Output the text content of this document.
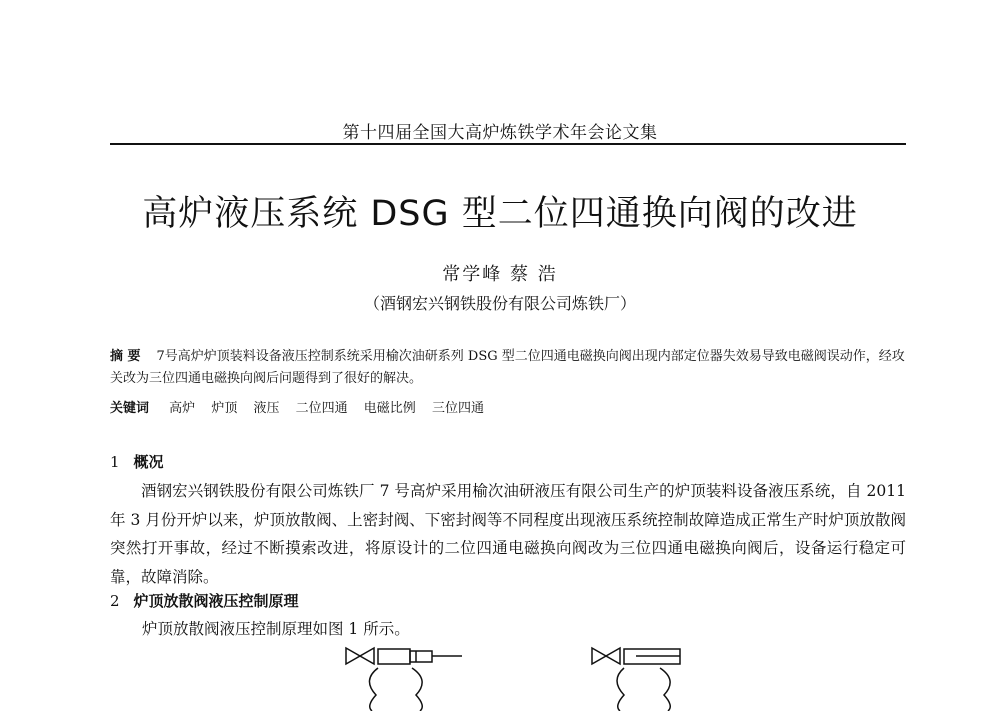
第十四届全国大高炉炼铁学术年会论文集
高炉液压系统 DSG 型二位四通换向阀的改进
常学峰 蔡 浩
（酒钢宏兴钢铁股份有限公司炼铁厂）
摘 要 7号高炉炉顶装料设备液压控制系统采用榆次油研系列 DSG 型二位四通电磁换向阀出现内部定位器失效易导致电磁阀误动作，经攻关改为三位四通电磁换向阀后问题得到了很好的解决。
关键词 高炉 炉顶 液压 二位四通 电磁比例 三位四通
1 概况
酒钢宏兴钢铁股份有限公司炼铁厂 7 号高炉采用榆次油研液压有限公司生产的炉顶装料设备液压系统，自 2011 年 3 月份开炉以来，炉顶放散阀、上密封阀、下密封阀等不同程度出现液压系统控制故障造成正常生产时炉顶放散阀突然打开事故，经过不断摸索改进，将原设计的二位四通电磁换向阀改为三位四通电磁换向阀后，设备运行稳定可靠，故障消除。
2 炉顶放散阀液压控制原理
炉顶放散阀液压控制原理如图 1 所示。
